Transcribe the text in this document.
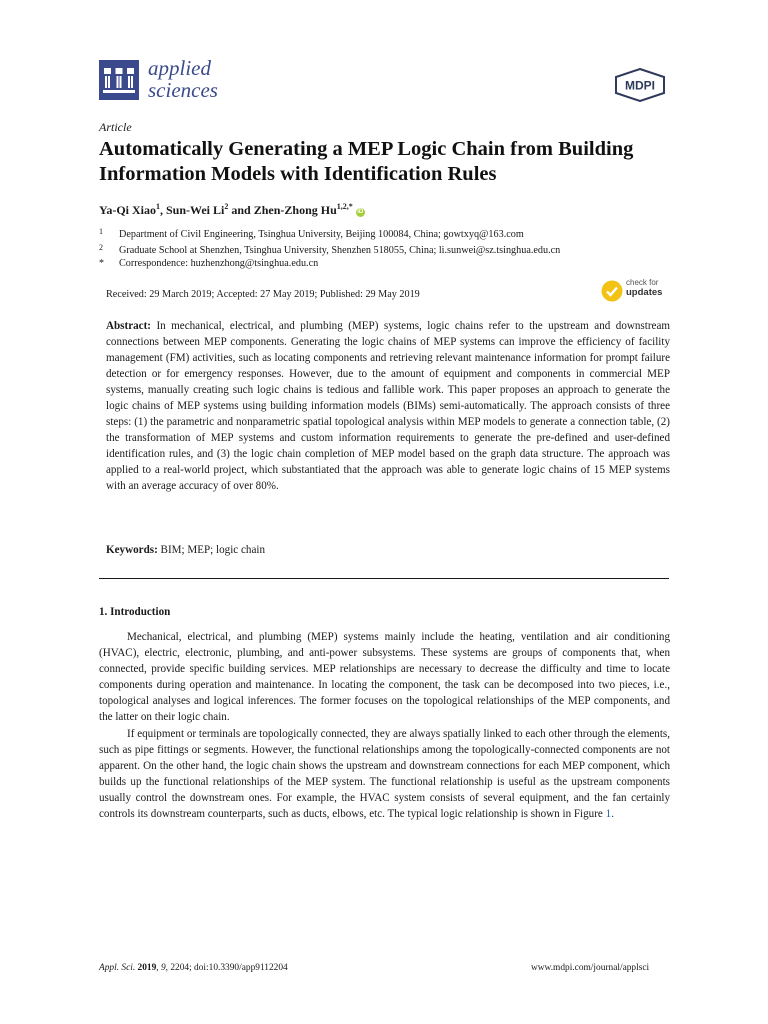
applied
sciences	MDPI
Article
Automatically Generating a MEP Logic Chain from Building Information Models with Identification Rules
Ya-Qi Xiao$^1$, Sun-Wei Li$^2$ and Zhen-Zhong $Hu^{1,2,*}$ iD
1 Department of Civil Engineering, Tsinghua University, Beijing 100084, China; gowtxyq@163.com
2 Graduate School at Shenzhen, Tsinghua University, Shenzhen 518055, China; li.sunwei@sz.tsinghua.edu.cn
* Correspondence: huzhenzhong@tsinghua.edu.cn
Received: 29 March 2019; Accepted: 27 May 2019; Published: 29 May 2019
check for
updates
Abstract: In mechanical, electrical, and plumbing (MEP) systems, logic chains refer to the upstream and downstream connections between MEP components. Generating the logic chains of MEP systems can improve the efficiency of facility management (FM) activities, such as locating components and retrieving relevant maintenance information for prompt failure detection or for emergency responses. However, due to the amount of equipment and components in commercial MEP systems, manually creating such logic chains is tedious and fallible work. This paper proposes an approach to generate the logic chains of MEP systems using building information models (BIMs) semi-automatically. The approach consists of three steps: (1) the parametric and nonparametric spatial topological analysis within MEP models to generate a connection table, (2) the transformation of MEP systems and custom information requirements to generate the pre-defined and user-defined identification rules, and (3) the logic chain completion of MEP model based on the graph data structure. The approach was applied to a real-world project, which substantiated that the approach was able to generate logic chains of 15 MEP systems with an average accuracy of over 80%.
Keywords: BIM; MEP; logic chain
1. Introduction

Mechanical, electrical, and plumbing (MEP) systems mainly include the heating, ventilation and air conditioning (HVAC), electric, electronic, plumbing, and anti-power subsystems. These systems are groups of components that, when connected, provide specific building services. MEP relationships are necessary to decrease the difficulty and time to locate components during operation and maintenance. In locating the component, the task can be decomposed into two pieces, i.e., topological analyses and logical inferences. The former focuses on the topological relationships of the MEP components, and the latter on their logic chain.

If equipment or terminals are topologically connected, they are always spatially linked to each other through the elements, such as pipe fittings or segments. However, the functional relationships among the topologically-connected components are not apparent. On the other hand, the logic chain shows the upstream and downstream connections for each MEP component, which builds up the functional relationships of the MEP system. The functional relationship is useful as the upstream components usually control the downstream ones. For example, the HVAC system consists of several equipment, and the fan certainly controls its downstream counterparts, such as ducts, elbows, etc. The typical logic relationship is shown in Figure 1.

Appl. Sci. 2019, 9, 2204; doi:10.3390/app9112204	www.mdpi.com/journal/applsci
